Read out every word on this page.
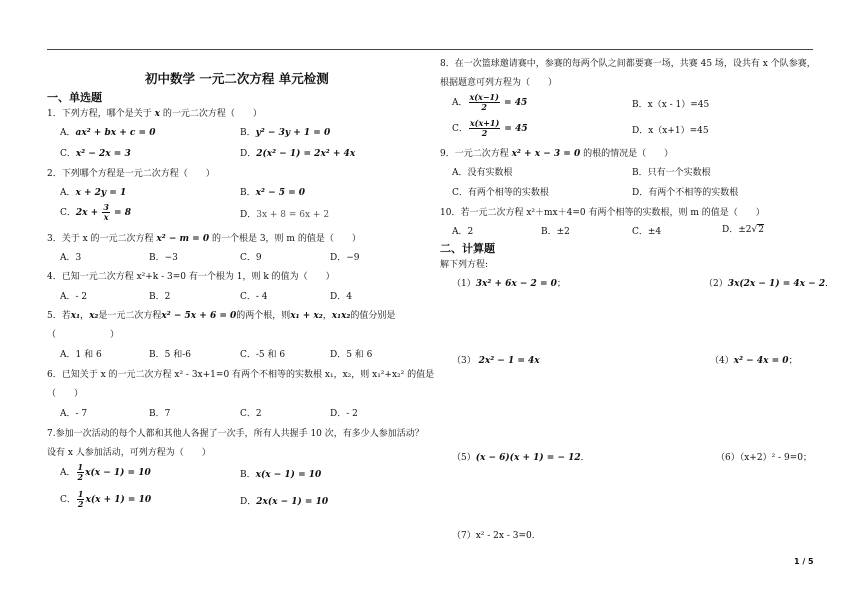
初中数学 一元二次方程 单元检测
一、单选题
1．下列方程，哪个是关于 x 的一元二次方程（　　）
A．ax² + bx + c = 0	B．y² − 3y + 1 = 0
C．x² − 2x = 3	D．2(x² − 1) = 2x² + 4x
2．下列哪个方程是一元二次方程（　　）
A．x + 2y = 1	B．x² − 5 = 0
C．$2x + \frac{3}{x} = 8$	D．3x + 8 = 6x + 2
3．关于 x 的一元二次方程 x² − m = 0 的一个根是 3，则 m 的值是（　　）
A．3	B．−3	C．9	D．−9
4．已知一元二次方程 x²+k - 3=0 有一个根为 1，则 k 的值为（　　）
A．- 2	B．2	C．- 4	D．4
5．若x₁，x₂是一元二次方程x² − 5x + 6 = 0的两个根，则x₁ + x₂，x₁x₂的值分别是
（　　　　　　）
A．1 和 6	B．5 和-6	C．-5 和 6	D．5 和 6
6．已知关于 x 的一元二次方程 x² - 3x+1=0 有两个不相等的实数根 x₁，x₂，则 x₁²+x₂² 的值是
（　　）
A．- 7	B．7	C．2	D．- 2
7.参加一次活动的每个人都和其他人各握了一次手，所有人共握手 10 次，有多少人参加活动？
设有 x 人参加活动，可列方程为（　　）
A． $\frac{1}{2} x(x - 1) = 10$	B．x(x − 1) = 10
C． $\frac{1}{2} x(x + 1) = 10$	D．2x(x − 1) = 10
8．在一次篮球邀请赛中，参赛的每两个队之间都要赛一场，共赛 45 场，设共有 x 个队参赛，
根据题意可列方程为（　　）
A． $\frac{x(x-1)}{2} = 45$	B．x（x - 1）=45
C． $\frac{x(x+1)}{2} = 45$	D．x（x+1）=45
9．一元二次方程 x² + x − 3 = 0 的根的情况是（　　）
A．没有实数根	B．只有一个实数根
C．有两个相等的实数根	D．有两个不相等的实数根
10．若一元二次方程 x²＋mx＋4=0 有两个相等的实数根，则 m 的值是（　　）
A．2	B．±2	C．±4	D．±2√2
二、计算题
解下列方程:
（1）3x² + 6x − 2 = 0；	（2）3x(2x − 1) = 4x − 2．
（3） 2x² − 1 = 4x	（4）x² − 4x = 0；
（5）(x − 6)(x + 1) = − 12．	（6）（x+2）² - 9=0；
（7）x² - 2x - 3=0.
1 / 5
